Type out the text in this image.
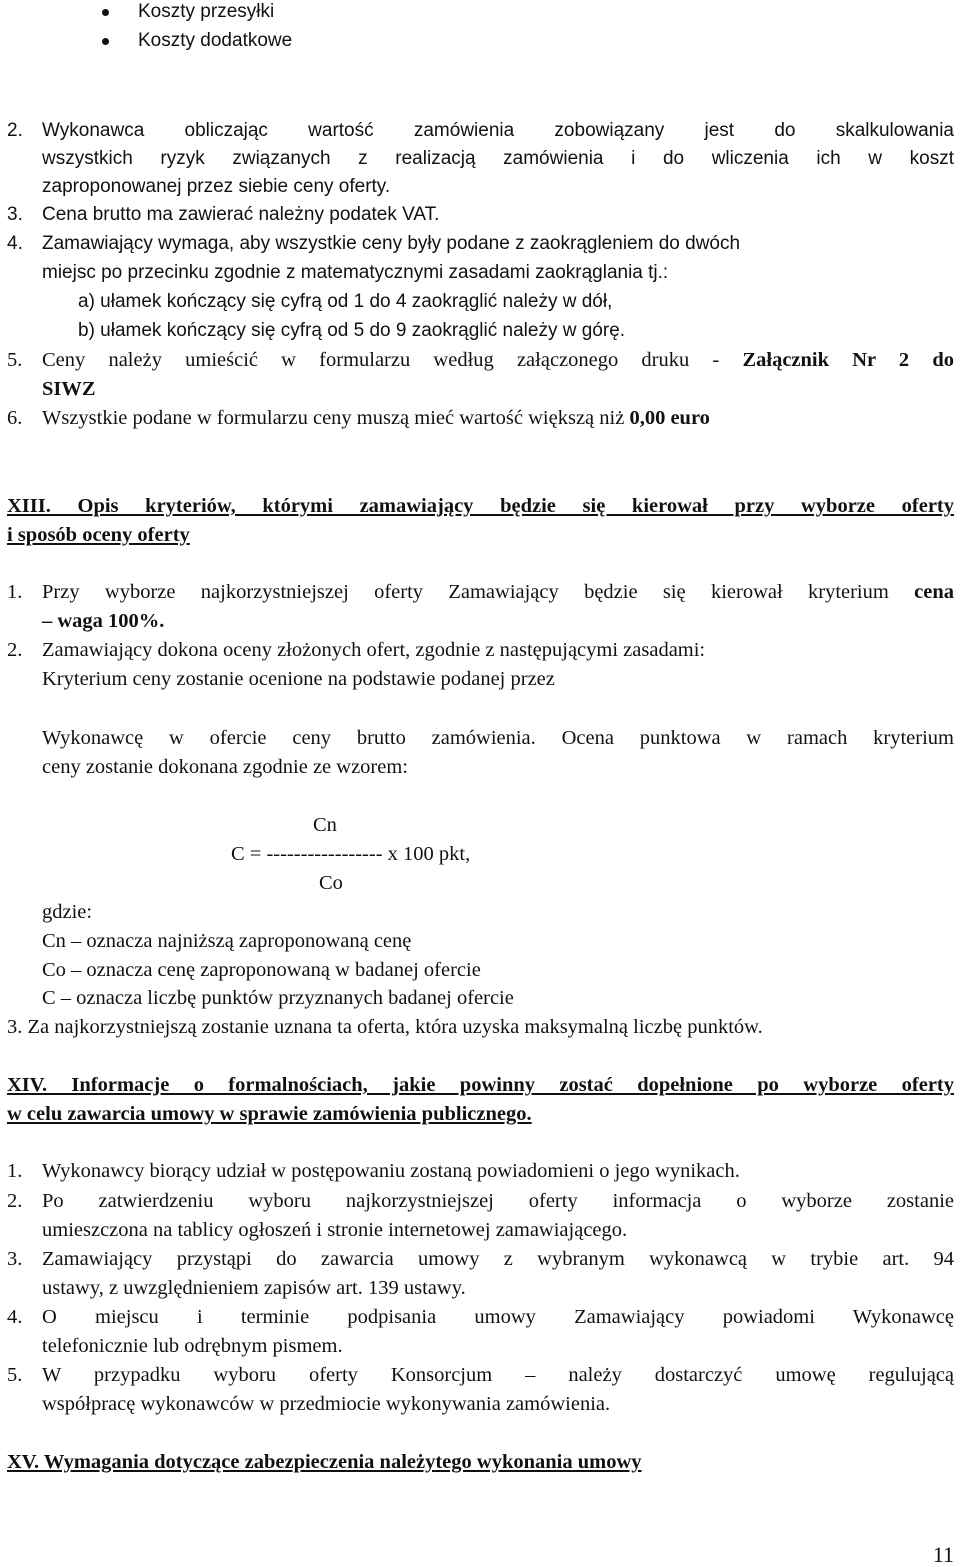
Koszty przesyłki
Koszty dodatkowe
2. Wykonawca obliczając wartość zamówienia zobowiązany jest do skalkulowania
wszystkich ryzyk związanych z realizacją zamówienia i do wliczenia ich w koszt
zaproponowanej przez siebie ceny oferty.
3. Cena brutto ma zawierać należny podatek VAT.
4. Zamawiający wymaga, aby wszystkie ceny były podane z zaokrągleniem do dwóch
miejsc po przecinku zgodnie z matematycznymi zasadami zaokrąglania tj.:
a) ułamek kończący się cyfrą od 1 do 4 zaokrąglić należy w dół,
b) ułamek kończący się cyfrą od 5 do 9 zaokrąglić należy w górę.
5. Ceny należy umieścić w formularzu według załączonego druku - Załącznik Nr 2 do
SIWZ
6. Wszystkie podane w formularzu ceny muszą mieć wartość większą niż 0,00 euro
XIII. Opis kryteriów, którymi zamawiający będzie się kierował przy wyborze oferty
i sposób oceny oferty
1. Przy wyborze najkorzystniejszej oferty Zamawiający będzie się kierował kryterium cena
– waga 100%.
2. Zamawiający dokona oceny złożonych ofert, zgodnie z następującymi zasadami:
Kryterium ceny zostanie ocenione na podstawie podanej przez
Wykonawcę w ofercie ceny brutto zamówienia. Ocena punktowa w ramach kryterium
ceny zostanie dokonana zgodnie ze wzorem:
Cn
C = ----------------- x 100 pkt,
Co
gdzie:
Cn – oznacza najniższą zaproponowaną cenę
Co – oznacza cenę zaproponowaną w badanej ofercie
C – oznacza liczbę punktów przyznanych badanej ofercie
3. Za najkorzystniejszą zostanie uznana ta oferta, która uzyska maksymalną liczbę punktów.
XIV. Informacje o formalnościach, jakie powinny zostać dopełnione po wyborze oferty
w celu zawarcia umowy w sprawie zamówienia publicznego.
1. Wykonawcy biorący udział w postępowaniu zostaną powiadomieni o jego wynikach.
2. Po zatwierdzeniu wyboru najkorzystniejszej oferty informacja o wyborze zostanie
umieszczona na tablicy ogłoszeń i stronie internetowej zamawiającego.
3. Zamawiający przystąpi do zawarcia umowy z wybranym wykonawcą w trybie art. 94
ustawy, z uwzględnieniem zapisów art. 139 ustawy.
4. O miejscu i terminie podpisania umowy Zamawiający powiadomi Wykonawcę
telefonicznie lub odrębnym pismem.
5. W przypadku wyboru oferty Konsorcjum – należy dostarczyć umowę regulującą
współpracę wykonawców w przedmiocie wykonywania zamówienia.
XV. Wymagania dotyczące zabezpieczenia należytego wykonania umowy
11
